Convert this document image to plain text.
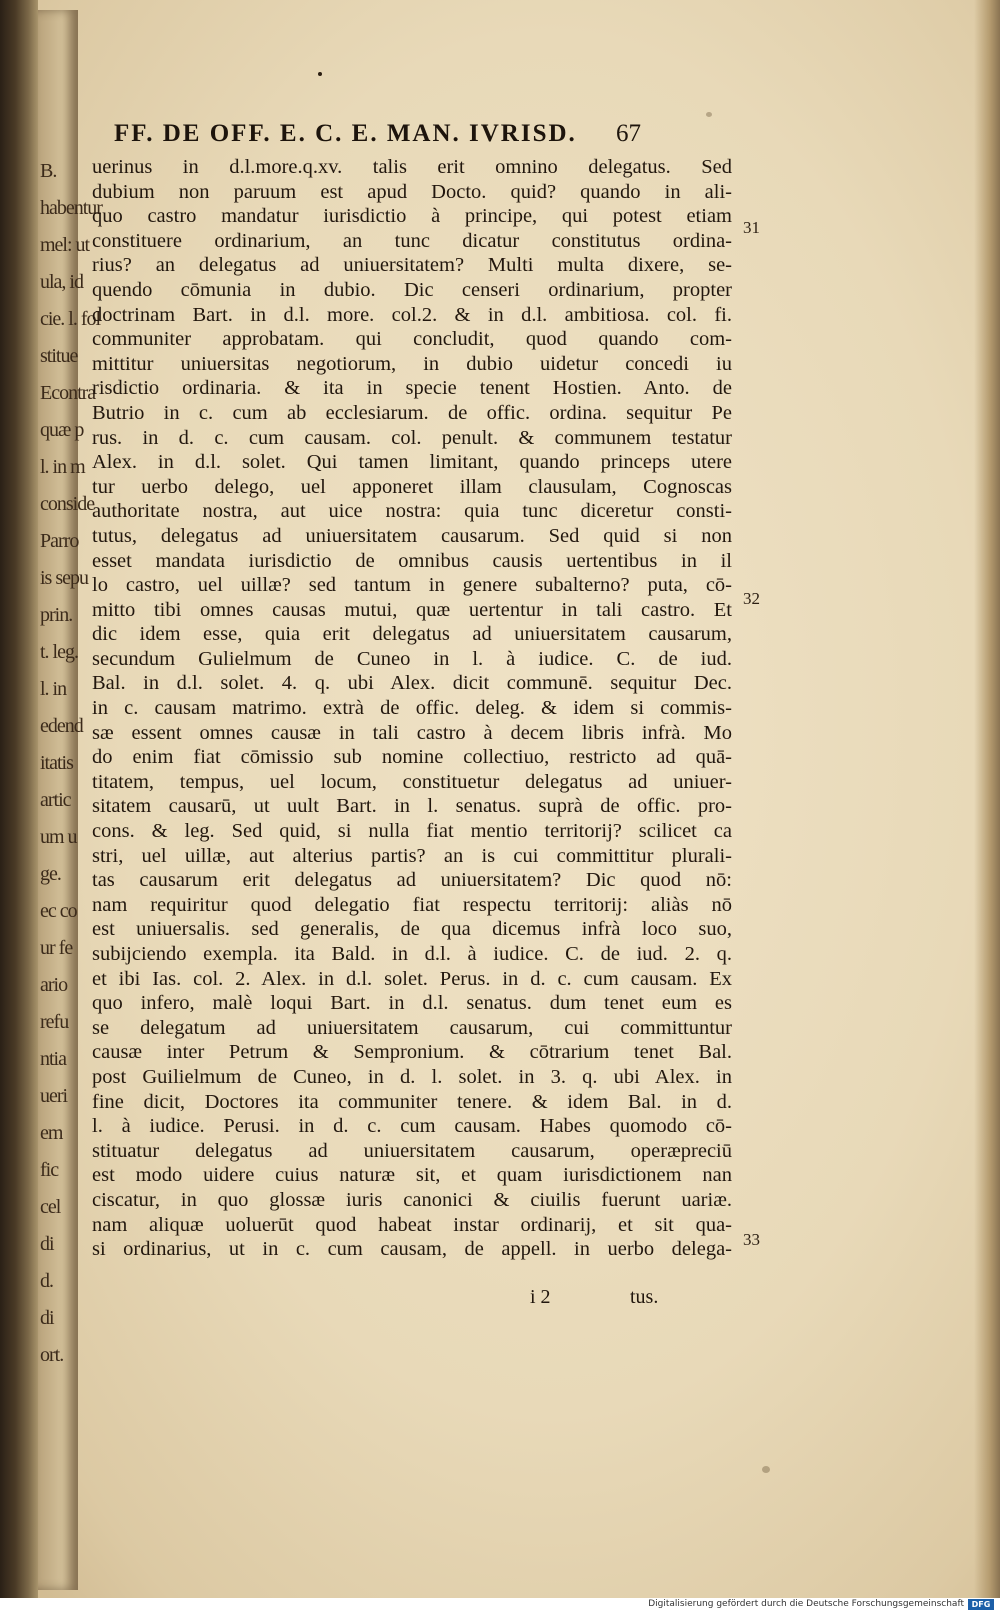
B.
habentur
mel: ut
ula, id
cie. l. fol
stitue
Econtra
quæ p
l. in m
conside
Parro
is sepu
prin.
t. leg.
l. in
edend
itatis
artic
um u
ge.
ec co
ur fe
ario
refu
ntia
ueri
em
fic
cel
di
d.
di
ort.
FF. DE OFF. E. C. E. MAN. IVRISD.	67
uerinus in d.l.more.q.xv. talis erit omnino delegatus. Sed
dubium non paruum est apud Docto. quid? quando in ali-
quo castro mandatur iurisdictio à principe, qui potest etiam
constituere ordinarium, an tunc dicatur constitutus ordina-
rius? an delegatus ad uniuersitatem? Multi multa dixere, se-
quendo cōmunia in dubio. Dic censeri ordinarium, propter
doctrinam Bart. in d.l. more. col.2. & in d.l. ambitiosa. col. fi.
communiter approbatam. qui concludit, quod quando com-
mittitur uniuersitas negotiorum, in dubio uidetur concedi iu
risdictio ordinaria. & ita in specie tenent Hostien. Anto. de
Butrio in c. cum ab ecclesiarum. de offic. ordina. sequitur Pe
rus. in d. c. cum causam. col. penult. & communem testatur
Alex. in d.l. solet. Qui tamen limitant, quando princeps utere
tur uerbo delego, uel apponeret illam clausulam, Cognoscas
authoritate nostra, aut uice nostra: quia tunc diceretur consti-
tutus, delegatus ad uniuersitatem causarum. Sed quid si non
esset mandata iurisdictio de omnibus causis uertentibus in il
lo castro, uel uillæ? sed tantum in genere subalterno? puta, cō-
mitto tibi omnes causas mutui, quæ uertentur in tali castro. Et
dic idem esse, quia erit delegatus ad uniuersitatem causarum,
secundum Gulielmum de Cuneo in l. à iudice. C. de iud.
Bal. in d.l. solet. 4. q. ubi Alex. dicit communē. sequitur Dec.
in c. causam matrimo. extrà de offic. deleg. & idem si commis-
sæ essent omnes causæ in tali castro à decem libris infrà. Mo
do enim fiat cōmissio sub nomine collectiuo, restricto ad quā-
titatem, tempus, uel locum, constituetur delegatus ad uniuer-
sitatem causarū, ut uult Bart. in l. senatus. suprà de offic. pro-
cons. & leg. Sed quid, si nulla fiat mentio territorij? scilicet ca
stri, uel uillæ, aut alterius partis? an is cui committitur plurali-
tas causarum erit delegatus ad uniuersitatem? Dic quod nō:
nam requiritur quod delegatio fiat respectu territorij: aliàs nō
est uniuersalis. sed generalis, de qua dicemus infrà loco suo,
subijciendo exempla. ita Bald. in d.l. à iudice. C. de iud. 2. q.
et ibi Ias. col. 2. Alex. in d.l. solet. Perus. in d. c. cum causam. Ex
quo infero, malè loqui Bart. in d.l. senatus. dum tenet eum es
se delegatum ad uniuersitatem causarum, cui committuntur
causæ inter Petrum & Sempronium. & cōtrarium tenet Bal.
post Guilielmum de Cuneo, in d. l. solet. in 3. q. ubi Alex. in
fine dicit, Doctores ita communiter tenere. & idem Bal. in d.
l. à iudice. Perusi. in d. c. cum causam. Habes quomodo cō-
stituatur delegatus ad uniuersitatem causarum, operæpreciū
est modo uidere cuius naturæ sit, et quam iurisdictionem nan
ciscatur, in quo glossæ iuris canonici & ciuilis fuerunt uariæ.
nam aliquæ uoluerūt quod habeat instar ordinarij, et sit qua-
si ordinarius, ut in c. cum causam, de appell. in uerbo delega-
31
32
33
i 2	tus.
Digitalisierung gefördert durch die Deutsche Forschungsgemeinschaft DFG
